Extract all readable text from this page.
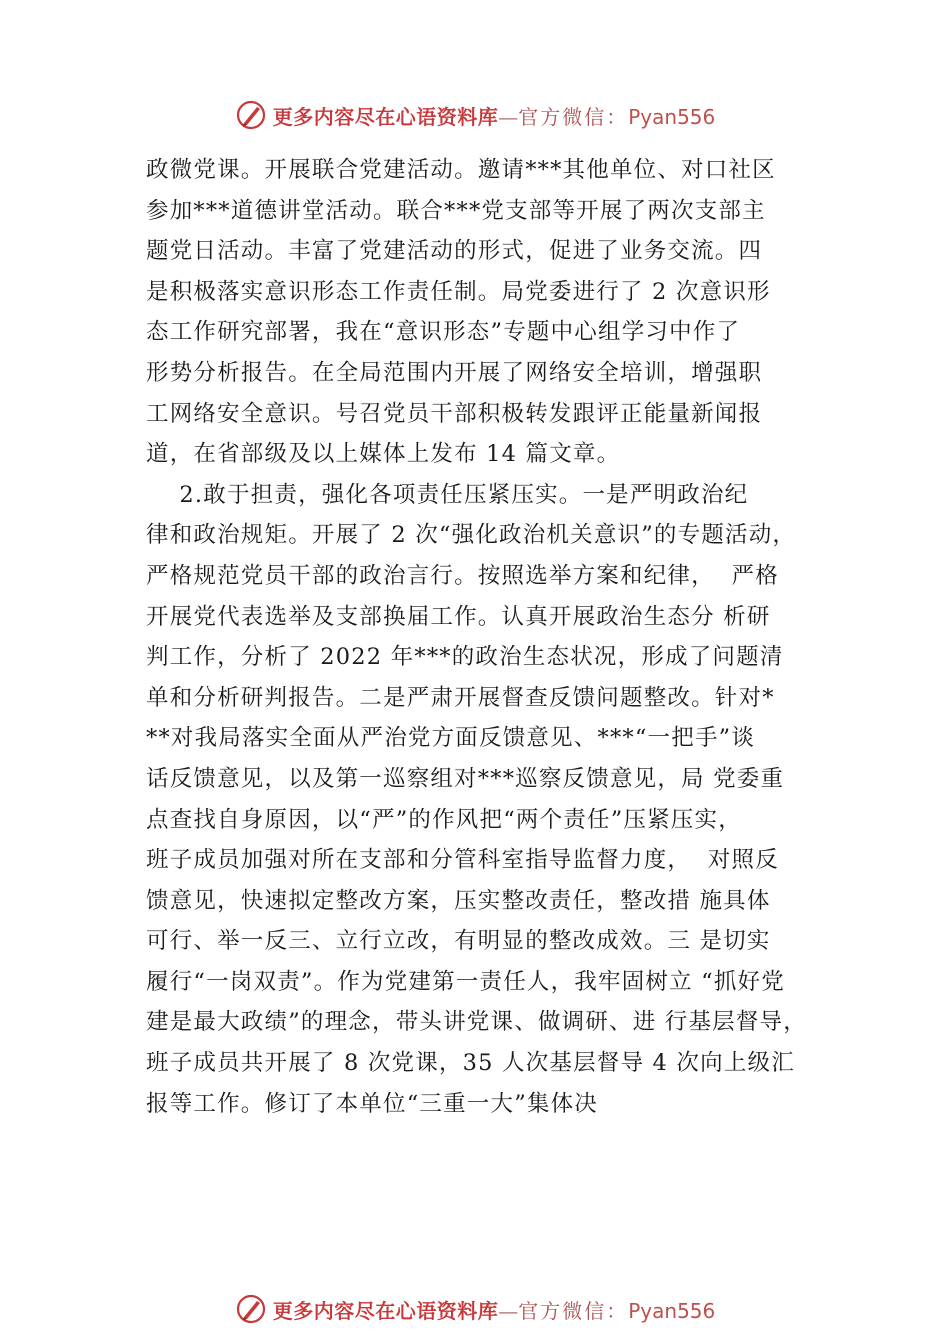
更多内容尽在心语资料库—官方微信：Pyan556
政微党课。开展联合党建活动。邀请***其他单位、对口社区
参加***道德讲堂活动。联合***党支部等开展了两次支部主
题党日活动。丰富了党建活动的形式，促进了业务交流。四
是积极落实意识形态工作责任制。局党委进行了 2 次意识形
态工作研究部署，我在“意识形态”专题中心组学习中作了
形势分析报告。在全局范围内开展了网络安全培训，增强职
工网络安全意识。号召党员干部积极转发跟评正能量新闻报
道，在省部级及以上媒体上发布 14 篇文章。
2.敢于担责，强化各项责任压紧压实。一是严明政治纪
律和政治规矩。开展了 2 次“强化政治机关意识”的专题活动，
严格规范党员干部的政治言行。按照选举方案和纪律，  严格
开展党代表选举及支部换届工作。认真开展政治生态分 析研
判工作，分析了 2022 年***的政治生态状况，形成了问题清
单和分析研判报告。二是严肃开展督查反馈问题整改。针对*
**对我局落实全面从严治党方面反馈意见、***“一把手”谈
话反馈意见，以及第一巡察组对***巡察反馈意见，局 党委重
点查找自身原因，以“严”的作风把“两个责任”压紧压实，
班子成员加强对所在支部和分管科室指导监督力度，  对照反
馈意见，快速拟定整改方案，压实整改责任，整改措 施具体
可行、举一反三、立行立改，有明显的整改成效。三 是切实
履行“一岗双责”。作为党建第一责任人，我牢固树立 “抓好党
建是最大政绩”的理念，带头讲党课、做调研、进 行基层督导，
班子成员共开展了 8 次党课，35 人次基层督导 4 次向上级汇
报等工作。修订了本单位“三重一大”集体决
更多内容尽在心语资料库—官方微信：Pyan556
